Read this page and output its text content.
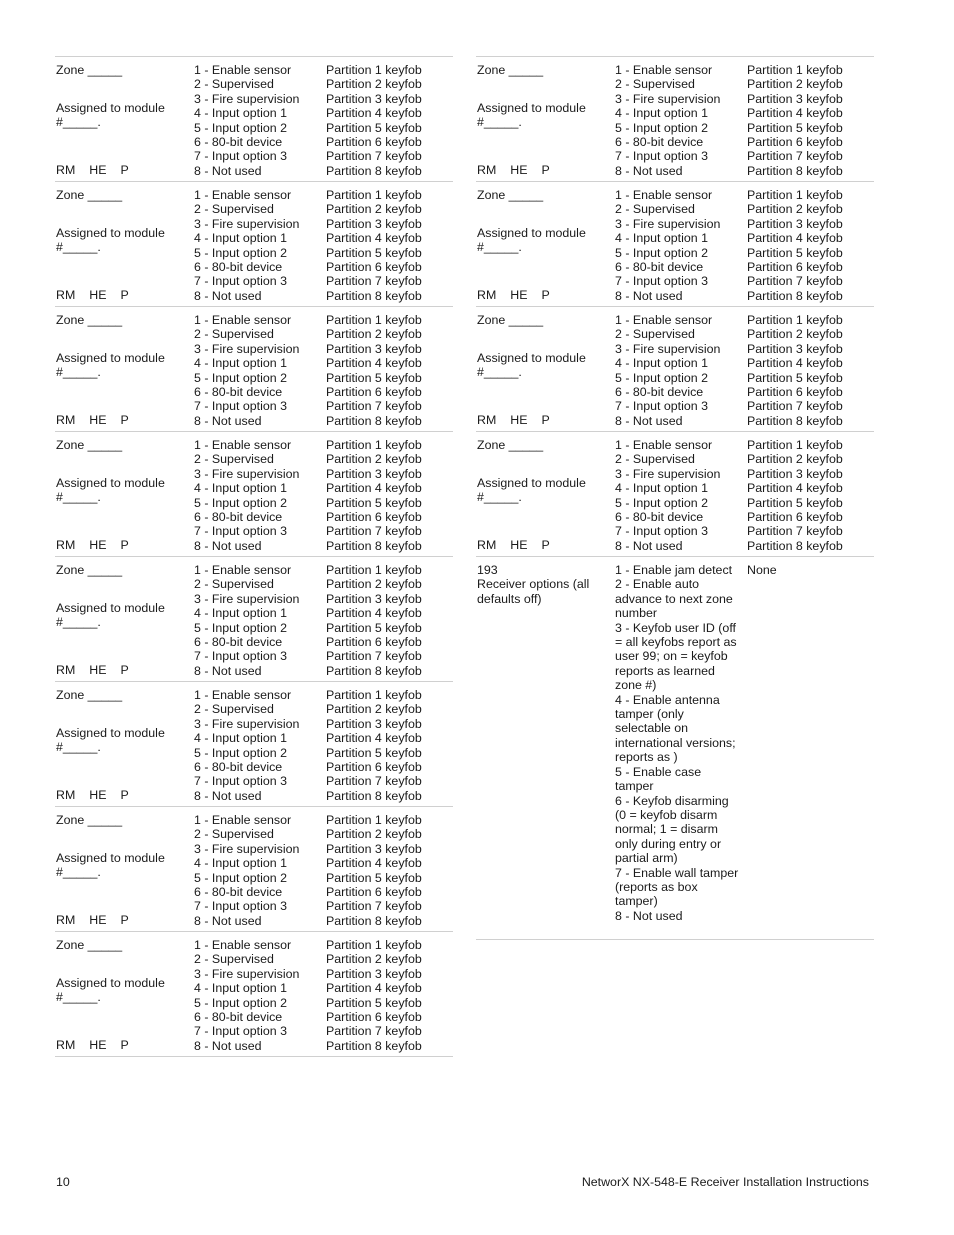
Zone _____
Assigned to module
#_____.
RM HE P
1 - Enable sensor
2 - Supervised
3 - Fire supervision
4 - Input option 1
5 - Input option 2
6 - 80-bit device
7 - Input option 3
8 - Not used
Partition 1 keyfob
Partition 2 keyfob
Partition 3 keyfob
Partition 4 keyfob
Partition 5 keyfob
Partition 6 keyfob
Partition 7 keyfob
Partition 8 keyfob
Zone _____
Assigned to module
#_____.
RM HE P
1 - Enable sensor
2 - Supervised
3 - Fire supervision
4 - Input option 1
5 - Input option 2
6 - 80-bit device
7 - Input option 3
8 - Not used
Partition 1 keyfob
Partition 2 keyfob
Partition 3 keyfob
Partition 4 keyfob
Partition 5 keyfob
Partition 6 keyfob
Partition 7 keyfob
Partition 8 keyfob
Zone _____
Assigned to module
#_____.
RM HE P
1 - Enable sensor
2 - Supervised
3 - Fire supervision
4 - Input option 1
5 - Input option 2
6 - 80-bit device
7 - Input option 3
8 - Not used
Partition 1 keyfob
Partition 2 keyfob
Partition 3 keyfob
Partition 4 keyfob
Partition 5 keyfob
Partition 6 keyfob
Partition 7 keyfob
Partition 8 keyfob
Zone _____
Assigned to module
#_____.
RM HE P
1 - Enable sensor
2 - Supervised
3 - Fire supervision
4 - Input option 1
5 - Input option 2
6 - 80-bit device
7 - Input option 3
8 - Not used
Partition 1 keyfob
Partition 2 keyfob
Partition 3 keyfob
Partition 4 keyfob
Partition 5 keyfob
Partition 6 keyfob
Partition 7 keyfob
Partition 8 keyfob
Zone _____
Assigned to module
#_____.
RM HE P
1 - Enable sensor
2 - Supervised
3 - Fire supervision
4 - Input option 1
5 - Input option 2
6 - 80-bit device
7 - Input option 3
8 - Not used
Partition 1 keyfob
Partition 2 keyfob
Partition 3 keyfob
Partition 4 keyfob
Partition 5 keyfob
Partition 6 keyfob
Partition 7 keyfob
Partition 8 keyfob
Zone _____
Assigned to module
#_____.
RM HE P
1 - Enable sensor
2 - Supervised
3 - Fire supervision
4 - Input option 1
5 - Input option 2
6 - 80-bit device
7 - Input option 3
8 - Not used
Partition 1 keyfob
Partition 2 keyfob
Partition 3 keyfob
Partition 4 keyfob
Partition 5 keyfob
Partition 6 keyfob
Partition 7 keyfob
Partition 8 keyfob
Zone _____
Assigned to module
#_____.
RM HE P
1 - Enable sensor
2 - Supervised
3 - Fire supervision
4 - Input option 1
5 - Input option 2
6 - 80-bit device
7 - Input option 3
8 - Not used
Partition 1 keyfob
Partition 2 keyfob
Partition 3 keyfob
Partition 4 keyfob
Partition 5 keyfob
Partition 6 keyfob
Partition 7 keyfob
Partition 8 keyfob
Zone _____
Assigned to module
#_____.
RM HE P
1 - Enable sensor
2 - Supervised
3 - Fire supervision
4 - Input option 1
5 - Input option 2
6 - 80-bit device
7 - Input option 3
8 - Not used
Partition 1 keyfob
Partition 2 keyfob
Partition 3 keyfob
Partition 4 keyfob
Partition 5 keyfob
Partition 6 keyfob
Partition 7 keyfob
Partition 8 keyfob
Zone _____
Assigned to module
#_____.
RM HE P
1 - Enable sensor
2 - Supervised
3 - Fire supervision
4 - Input option 1
5 - Input option 2
6 - 80-bit device
7 - Input option 3
8 - Not used
Partition 1 keyfob
Partition 2 keyfob
Partition 3 keyfob
Partition 4 keyfob
Partition 5 keyfob
Partition 6 keyfob
Partition 7 keyfob
Partition 8 keyfob
Zone _____
Assigned to module
#_____.
RM HE P
1 - Enable sensor
2 - Supervised
3 - Fire supervision
4 - Input option 1
5 - Input option 2
6 - 80-bit device
7 - Input option 3
8 - Not used
Partition 1 keyfob
Partition 2 keyfob
Partition 3 keyfob
Partition 4 keyfob
Partition 5 keyfob
Partition 6 keyfob
Partition 7 keyfob
Partition 8 keyfob
Zone _____
Assigned to module
#_____.
RM HE P
1 - Enable sensor
2 - Supervised
3 - Fire supervision
4 - Input option 1
5 - Input option 2
6 - 80-bit device
7 - Input option 3
8 - Not used
Partition 1 keyfob
Partition 2 keyfob
Partition 3 keyfob
Partition 4 keyfob
Partition 5 keyfob
Partition 6 keyfob
Partition 7 keyfob
Partition 8 keyfob
Zone _____
Assigned to module
#_____.
RM HE P
1 - Enable sensor
2 - Supervised
3 - Fire supervision
4 - Input option 1
5 - Input option 2
6 - 80-bit device
7 - Input option 3
8 - Not used
Partition 1 keyfob
Partition 2 keyfob
Partition 3 keyfob
Partition 4 keyfob
Partition 5 keyfob
Partition 6 keyfob
Partition 7 keyfob
Partition 8 keyfob
193
Receiver options (all
defaults off)
1 - Enable jam detect
2 - Enable auto advance to next zone number
3 - Keyfob user ID (off = all keyfobs report as user 99; on = keyfob reports as learned zone #)
4 - Enable antenna tamper (only selectable on international versions; reports as )
5 - Enable case tamper
6 - Keyfob disarming (0 = keyfob disarm normal; 1 = disarm only during entry or partial arm)
7 - Enable wall tamper (reports as box tamper)
8 - Not used
None
10	NetworX NX-548-E Receiver Installation Instructions
